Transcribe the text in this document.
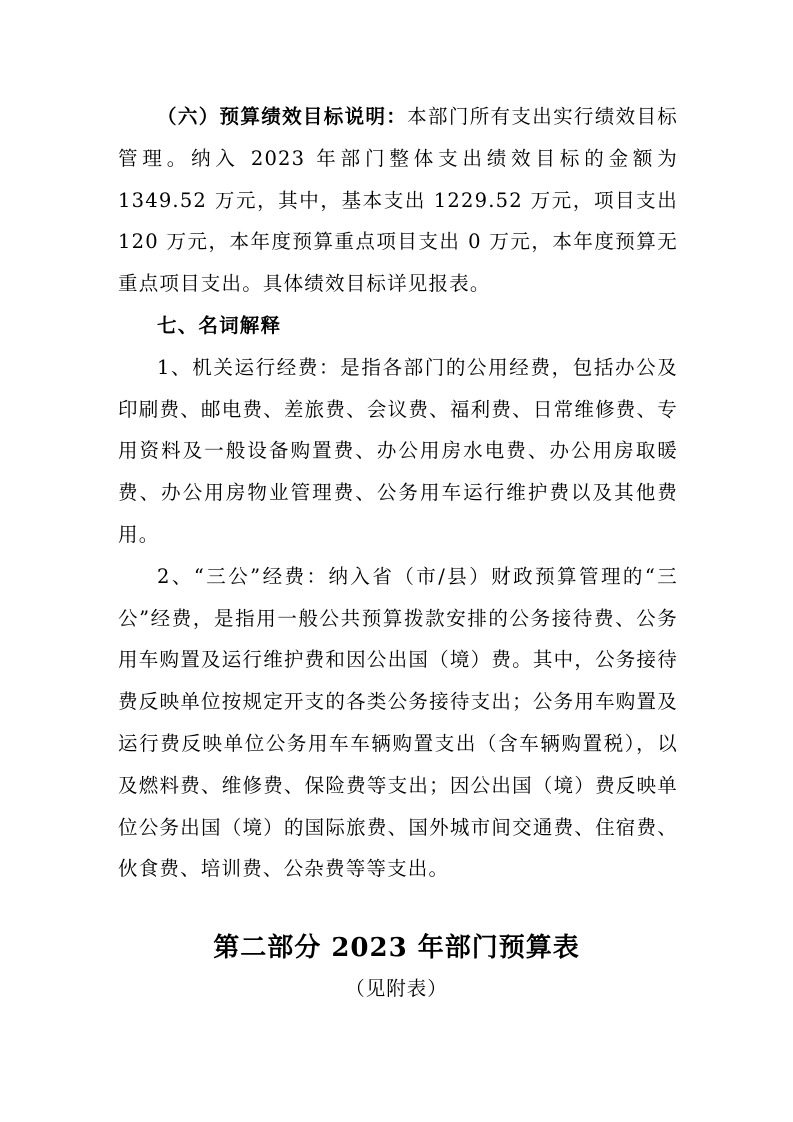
（六）预算绩效目标说明：本部门所有支出实行绩效目标管理。纳入 2023 年部门整体支出绩效目标的金额为 1349.52 万元，其中，基本支出 1229.52 万元，项目支出 120 万元，本年度预算重点项目支出 0 万元，本年度预算无重点项目支出。具体绩效目标详见报表。

七、名词解释

1、机关运行经费：是指各部门的公用经费，包括办公及印刷费、邮电费、差旅费、会议费、福利费、日常维修费、专用资料及一般设备购置费、办公用房水电费、办公用房取暖费、办公用房物业管理费、公务用车运行维护费以及其他费用。

2、“三公”经费：纳入省（市/县）财政预算管理的“三公”经费，是指用一般公共预算拨款安排的公务接待费、公务用车购置及运行维护费和因公出国（境）费。其中，公务接待费反映单位按规定开支的各类公务接待支出；公务用车购置及运行费反映单位公务用车车辆购置支出（含车辆购置税），以及燃料费、维修费、保险费等支出；因公出国（境）费反映单位公务出国（境）的国际旅费、国外城市间交通费、住宿费、伙食费、培训费、公杂费等等支出。

第二部分 2023 年部门预算表
（见附表）
